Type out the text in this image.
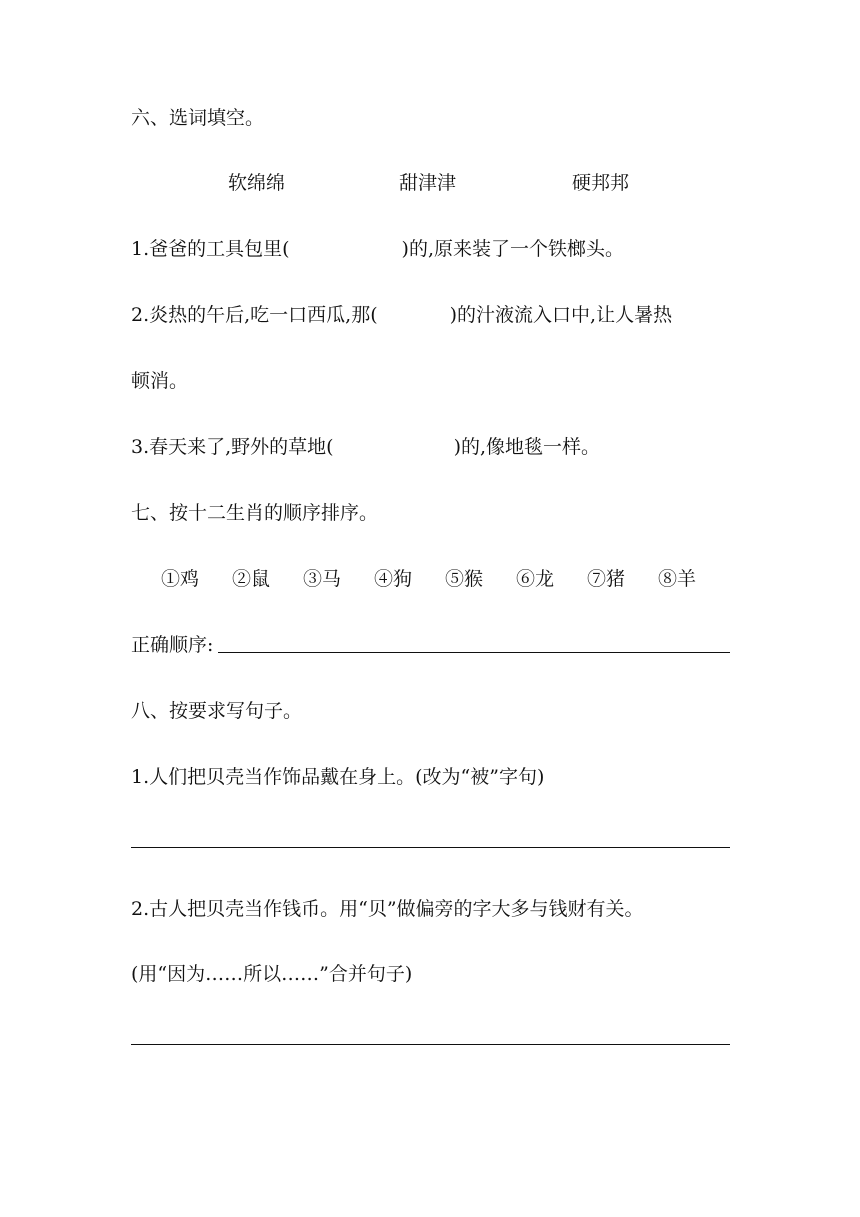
六、选词填空。
软绵绵	甜津津	硬邦邦
1.爸爸的工具包里(	)的,原来装了一个铁榔头。
2.炎热的午后,吃一口西瓜,那(	)的汁液流入口中,让人暑热
顿消。
3.春天来了,野外的草地(	)的,像地毯一样。
七、按十二生肖的顺序排序。
①鸡 ②鼠 ③马 ④狗 ⑤猴 ⑥龙 ⑦猪 ⑧羊
正确顺序:
八、按要求写句子。
1.人们把贝壳当作饰品戴在身上。(改为“被”字句)
2.古人把贝壳当作钱币。用“贝”做偏旁的字大多与钱财有关。
(用“因为……所以……”合并句子)
